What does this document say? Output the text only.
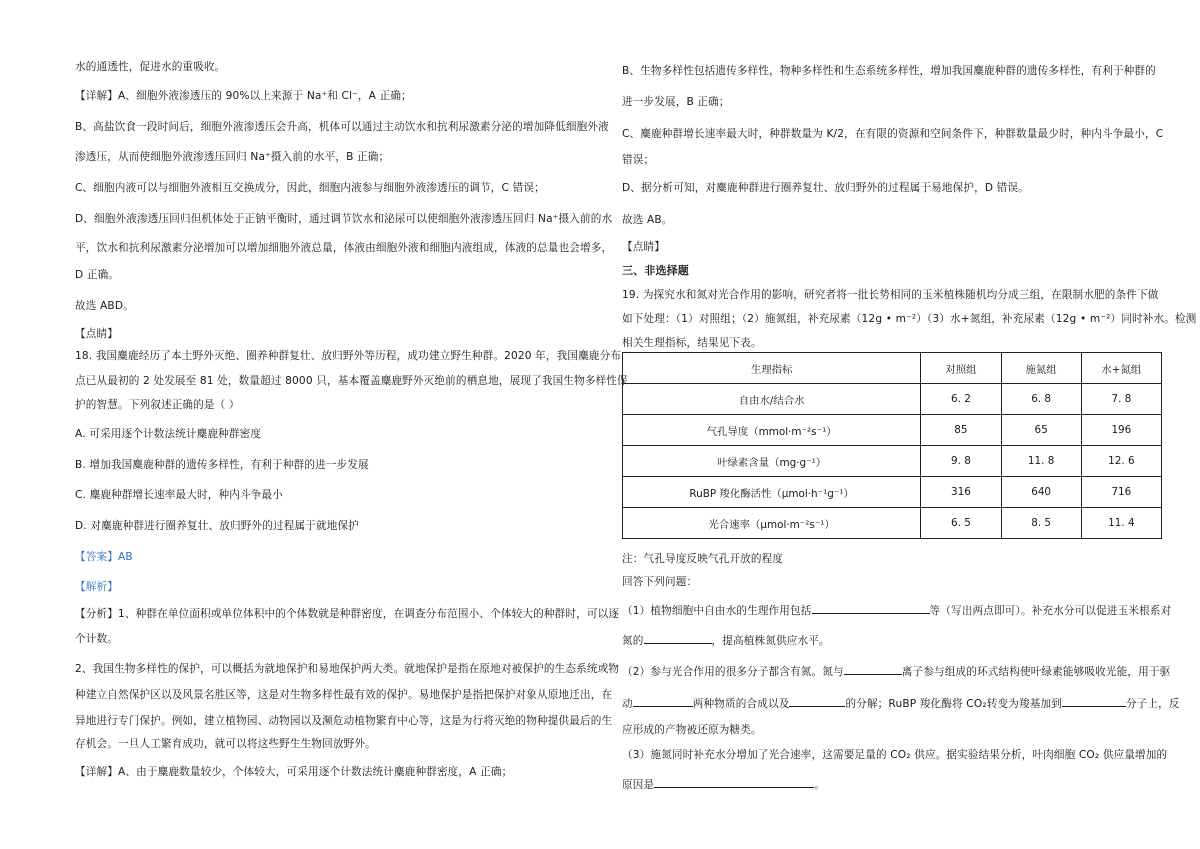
水的通透性，促进水的重吸收。
【详解】A、细胞外液渗透压的 90%以上来源于 Na⁺和 Cl⁻，A 正确；
B、高盐饮食一段时间后，细胞外液渗透压会升高，机体可以通过主动饮水和抗利尿激素分泌的增加降低细胞外液
渗透压，从而使细胞外液渗透压回归 Na⁺摄入前的水平，B 正确；
C、细胞内液可以与细胞外液相互交换成分，因此，细胞内液参与细胞外液渗透压的调节，C 错误；
D、细胞外液渗透压回归但机体处于正钠平衡时，通过调节饮水和泌尿可以使细胞外液渗透压回归 Na⁺摄入前的水
平，饮水和抗利尿激素分泌增加可以增加细胞外液总量，体液由细胞外液和细胞内液组成，体液的总量也会增多，
D 正确。
故选 ABD。
【点睛】
18. 我国麋鹿经历了本土野外灭绝、圈养种群复壮、放归野外等历程，成功建立野生种群。2020 年，我国麋鹿分布
点已从最初的 2 处发展至 81 处，数量超过 8000 只，基本覆盖麋鹿野外灭绝前的栖息地，展现了我国生物多样性保
护的智慧。下列叙述正确的是（ ）
A. 可采用逐个计数法统计麋鹿种群密度
B. 增加我国麋鹿种群的遗传多样性，有利于种群的进一步发展
C. 麋鹿种群增长速率最大时，种内斗争最小
D. 对麋鹿种群进行圈养复壮、放归野外的过程属于就地保护
【答案】AB
【解析】
【分析】1、种群在单位面积或单位体积中的个体数就是种群密度，在调查分布范围小、个体较大的种群时，可以逐
个计数。
2、我国生物多样性的保护，可以概括为就地保护和易地保护两大类。就地保护是指在原地对被保护的生态系统或物
种建立自然保护区以及风景名胜区等，这是对生物多样性最有效的保护。易地保护是指把保护对象从原地迁出，在
异地进行专门保护。例如，建立植物园、动物园以及濒危动植物繁育中心等，这是为行将灭绝的物种提供最后的生
存机会。一旦人工繁育成功，就可以将这些野生生物回放野外。
【详解】A、由于麋鹿数量较少，个体较大，可采用逐个计数法统计麋鹿种群密度，A 正确；
B、生物多样性包括遗传多样性，物种多样性和生态系统多样性，增加我国麋鹿种群的遗传多样性，有利于种群的
进一步发展，B 正确；
C、麋鹿种群增长速率最大时，种群数量为 K/2，在有限的资源和空间条件下，种群数量最少时，种内斗争最小，C
错误；
D、据分析可知，对麋鹿种群进行圈养复壮、放归野外的过程属于易地保护，D 错误。
故选 AB。
【点睛】
三、非选择题
19. 为探究水和氮对光合作用的影响，研究者将一批长势相同的玉米植株随机均分成三组，在限制水肥的条件下做
如下处理：（1）对照组；（2）施氮组，补充尿素（12g • m⁻²）（3）水+氮组，补充尿素（12g • m⁻²）同时补水。检测
相关生理指标，结果见下表。
生理指标	对照组	施氮组	水+氮组
自由水/结合水	6. 2	6. 8	7. 8
气孔导度（mmol·m⁻²s⁻¹）	85	65	196
叶绿素含量（mg·g⁻¹）	9. 8	11. 8	12. 6
RuBP 羧化酶活性（μmol·h⁻¹g⁻¹）	316	640	716
光合速率（μmol·m⁻²s⁻¹）	6. 5	8. 5	11. 4
注：气孔导度反映气孔开放的程度
回答下列问题：
（1）植物细胞中自由水的生理作用包括	等（写出两点即可）。补充水分可以促进玉米根系对
氮的	，提高植株氮供应水平。
（2）参与光合作用的很多分子都含有氮。氮与	离子参与组成的环式结构使叶绿素能够吸收光能，用于驱
动	两种物质的合成以及	的分解；RuBP 羧化酶将 CO₂转变为羧基加到	分子上，反
应形成的产物被还原为糖类。
（3）施氮同时补充水分增加了光合速率，这需要足量的 CO₂ 供应。据实验结果分析，叶肉细胞 CO₂ 供应量增加的
原因是	。
